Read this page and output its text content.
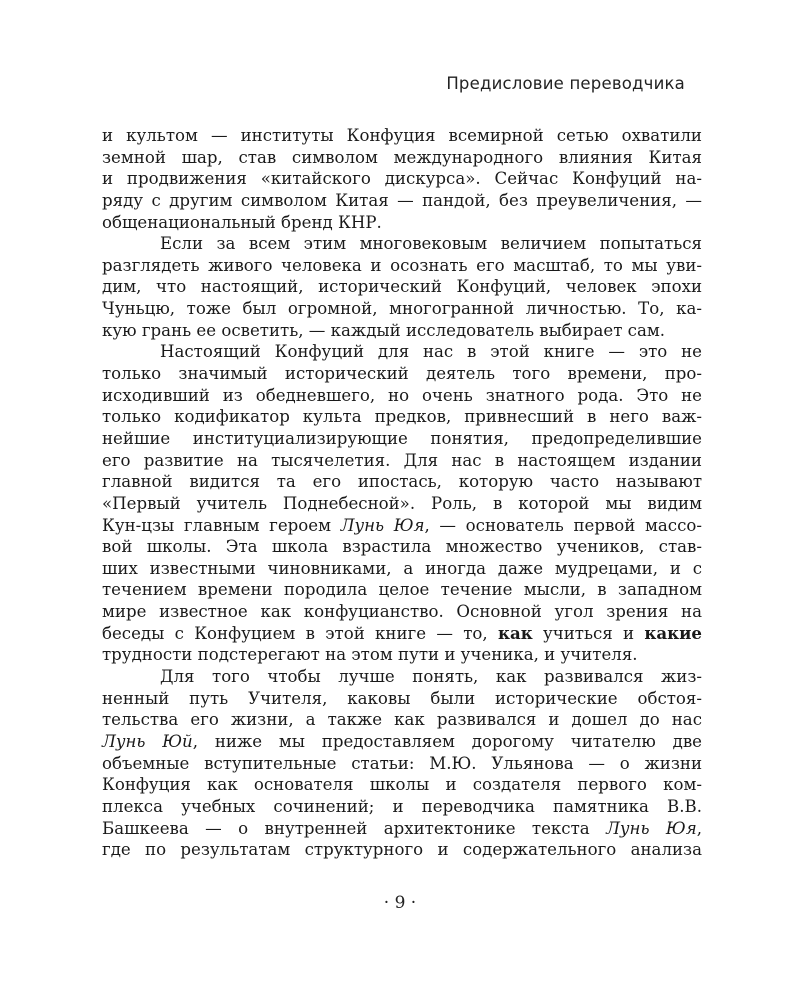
Предисловие переводчика
и культом — институты Конфуция всемирной сетью охватили
земной шар, став символом международного влияния Китая
и продвижения «китайского дискурса». Сейчас Конфуций на-
ряду с другим символом Китая — пандой, без преувеличения, —
общенациональный бренд КНР.
Если за всем этим многовековым величием попытаться
разглядеть живого человека и осознать его масштаб, то мы уви-
дим, что настоящий, исторический Конфуций, человек эпохи
Чуньцю, тоже был огромной, многогранной личностью. То, ка-
кую грань ее осветить, — каждый исследователь выбирает сам.
Настоящий Конфуций для нас в этой книге — это не
только значимый исторический деятель того времени, про-
исходивший из обедневшего, но очень знатного рода. Это не
только кодификатор культа предков, привнесший в него важ-
нейшие институциализирующие понятия, предопределившие
его развитие на тысячелетия. Для нас в настоящем издании
главной видится та его ипостась, которую часто называют
«Первый учитель Поднебесной». Роль, в которой мы видим
Кун-цзы главным героем Лунь Юя, — основатель первой массо-
вой школы. Эта школа взрастила множество учеников, став-
ших известными чиновниками, а иногда даже мудрецами, и с
течением времени породила целое течение мысли, в западном
мире известное как конфуцианство. Основной угол зрения на
беседы с Конфуцием в этой книге — то, как учиться и какие
трудности подстерегают на этом пути и ученика, и учителя.
Для того чтобы лучше понять, как развивался жиз-
ненный путь Учителя, каковы были исторические обстоя-
тельства его жизни, а также как развивался и дошел до нас
Лунь Юй, ниже мы предоставляем дорогому читателю две
объемные вступительные статьи: М.Ю. Ульянова — о жизни
Конфуция как основателя школы и создателя первого ком-
плекса учебных сочинений; и переводчика памятника В.В.
Башкеева — о внутренней архитектонике текста Лунь Юя,
где по результатам структурного и содержательного анализа
· 9 ·
